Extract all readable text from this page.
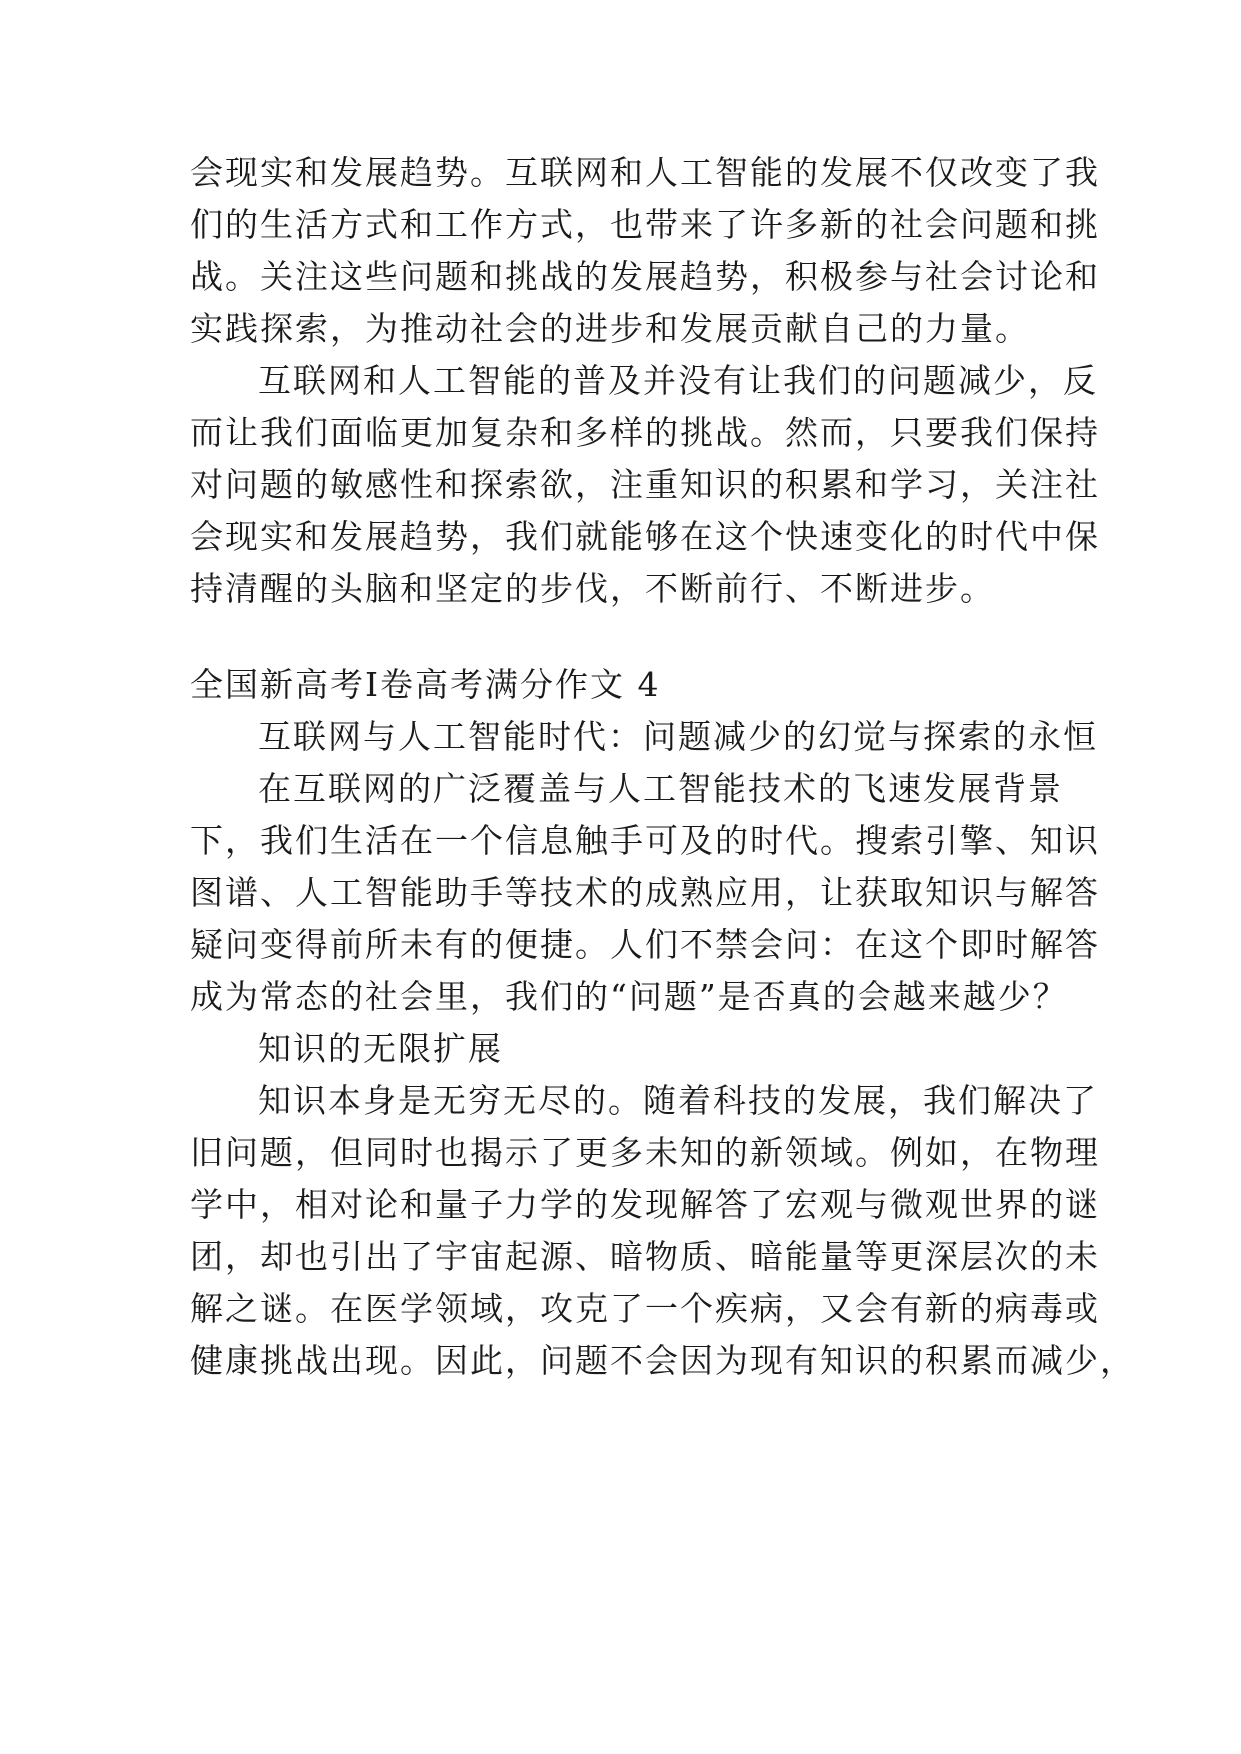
会现实和发展趋势。互联网和人工智能的发展不仅改变了我
们的生活方式和工作方式，也带来了许多新的社会问题和挑
战。关注这些问题和挑战的发展趋势，积极参与社会讨论和
实践探索，为推动社会的进步和发展贡献自己的力量。
互联网和人工智能的普及并没有让我们的问题减少，反
而让我们面临更加复杂和多样的挑战。然而，只要我们保持
对问题的敏感性和探索欲，注重知识的积累和学习，关注社
会现实和发展趋势，我们就能够在这个快速变化的时代中保
持清醒的头脑和坚定的步伐，不断前行、不断进步。
全国新高考Ⅰ卷高考满分作文 4
互联网与人工智能时代：问题减少的幻觉与探索的永恒
在互联网的广泛覆盖与人工智能技术的飞速发展背景
下，我们生活在一个信息触手可及的时代。搜索引擎、知识
图谱、人工智能助手等技术的成熟应用，让获取知识与解答
疑问变得前所未有的便捷。人们不禁会问：在这个即时解答
成为常态的社会里，我们的“问题”是否真的会越来越少？
知识的无限扩展
知识本身是无穷无尽的。随着科技的发展，我们解决了
旧问题，但同时也揭示了更多未知的新领域。例如，在物理
学中，相对论和量子力学的发现解答了宏观与微观世界的谜
团，却也引出了宇宙起源、暗物质、暗能量等更深层次的未
解之谜。在医学领域，攻克了一个疾病，又会有新的病毒或
健康挑战出现。因此，问题不会因为现有知识的积累而减少，
